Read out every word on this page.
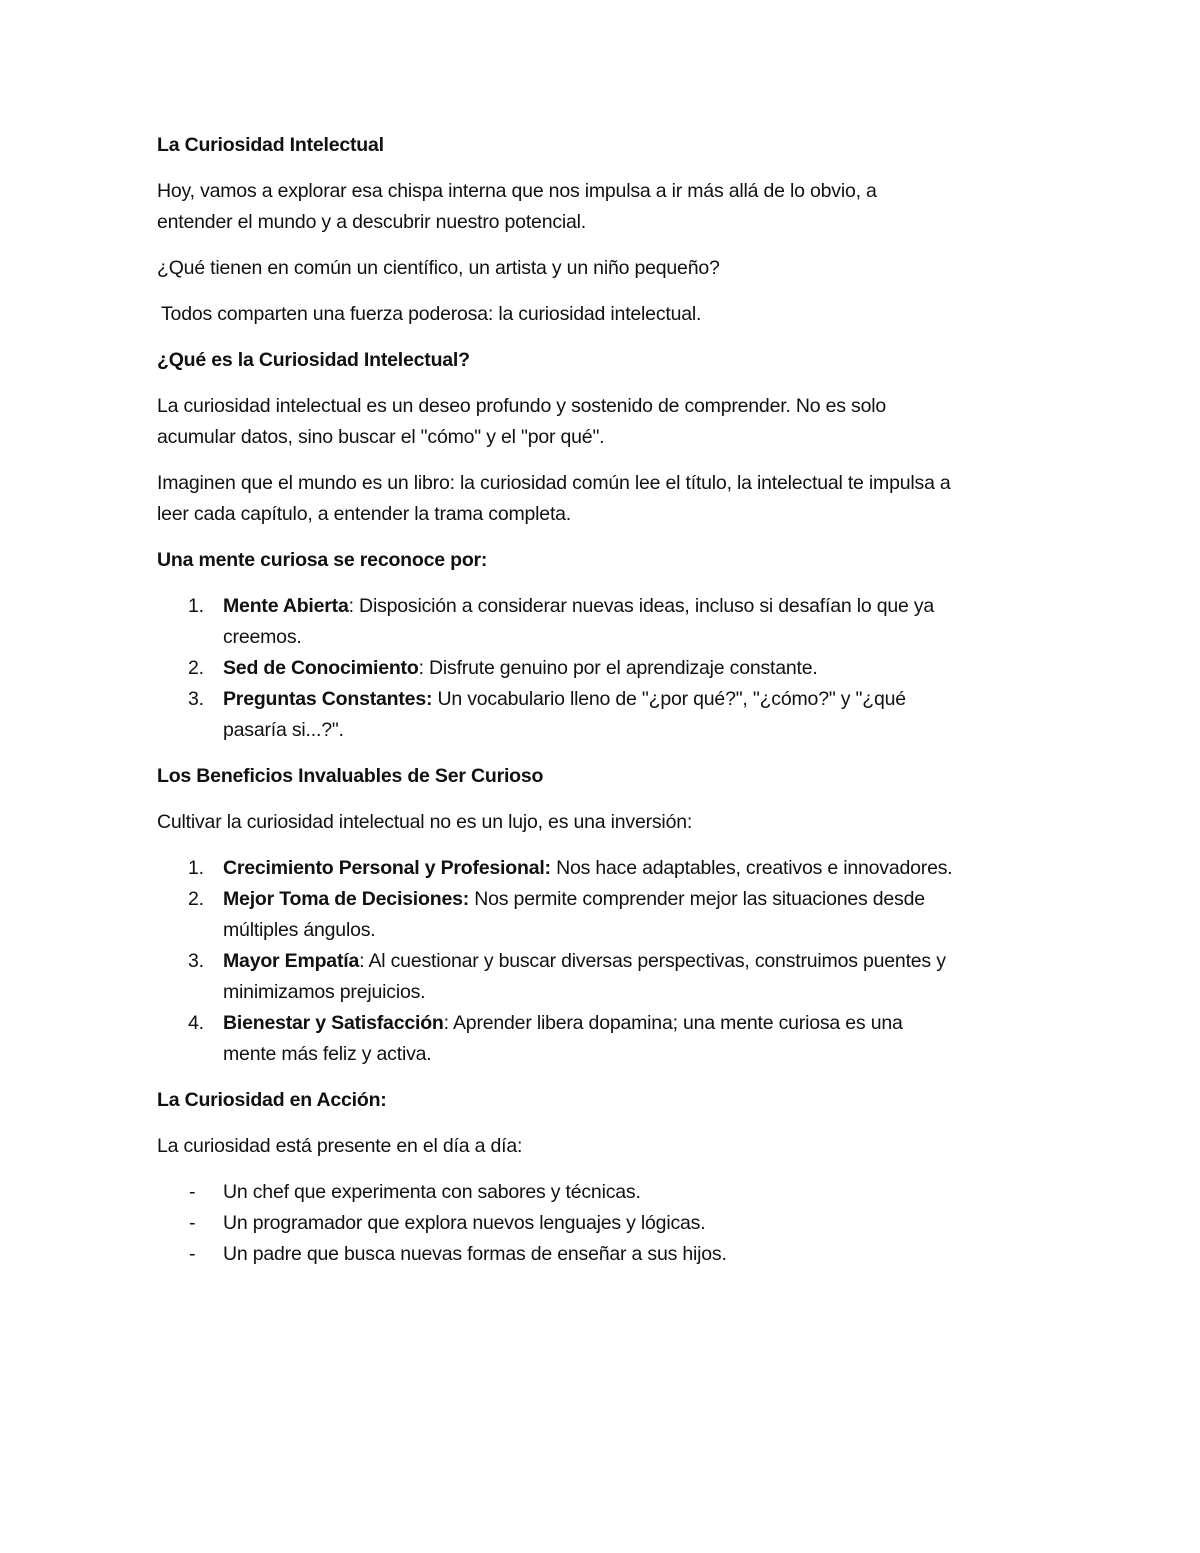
La Curiosidad Intelectual

Hoy, vamos a explorar esa chispa interna que nos impulsa a ir más allá de lo obvio, a entender el mundo y a descubrir nuestro potencial.

¿Qué tienen en común un científico, un artista y un niño pequeño?

Todos comparten una fuerza poderosa: la curiosidad intelectual.

¿Qué es la Curiosidad Intelectual?

La curiosidad intelectual es un deseo profundo y sostenido de comprender. No es solo acumular datos, sino buscar el "cómo" y el "por qué".

Imaginen que el mundo es un libro: la curiosidad común lee el título, la intelectual te impulsa a leer cada capítulo, a entender la trama completa.

Una mente curiosa se reconoce por:
1. Mente Abierta: Disposición a considerar nuevas ideas, incluso si desafían lo que ya creemos.
2. Sed de Conocimiento: Disfrute genuino por el aprendizaje constante.
3. Preguntas Constantes: Un vocabulario lleno de "¿por qué?", "¿cómo?" y "¿qué pasaría si...?".
Los Beneficios Invaluables de Ser Curioso

Cultivar la curiosidad intelectual no es un lujo, es una inversión:

1. Crecimiento Personal y Profesional: Nos hace adaptables, creativos e innovadores.
2. Mejor Toma de Decisiones: Nos permite comprender mejor las situaciones desde múltiples ángulos.
3. Mayor Empatía: Al cuestionar y buscar diversas perspectivas, construimos puentes y minimizamos prejuicios.
4. Bienestar y Satisfacción: Aprender libera dopamina; una mente curiosa es una mente más feliz y activa.
La Curiosidad en Acción:

La curiosidad está presente en el día a día:

- Un chef que experimenta con sabores y técnicas.
- Un programador que explora nuevos lenguajes y lógicas.
- Un padre que busca nuevas formas de enseñar a sus hijos.
